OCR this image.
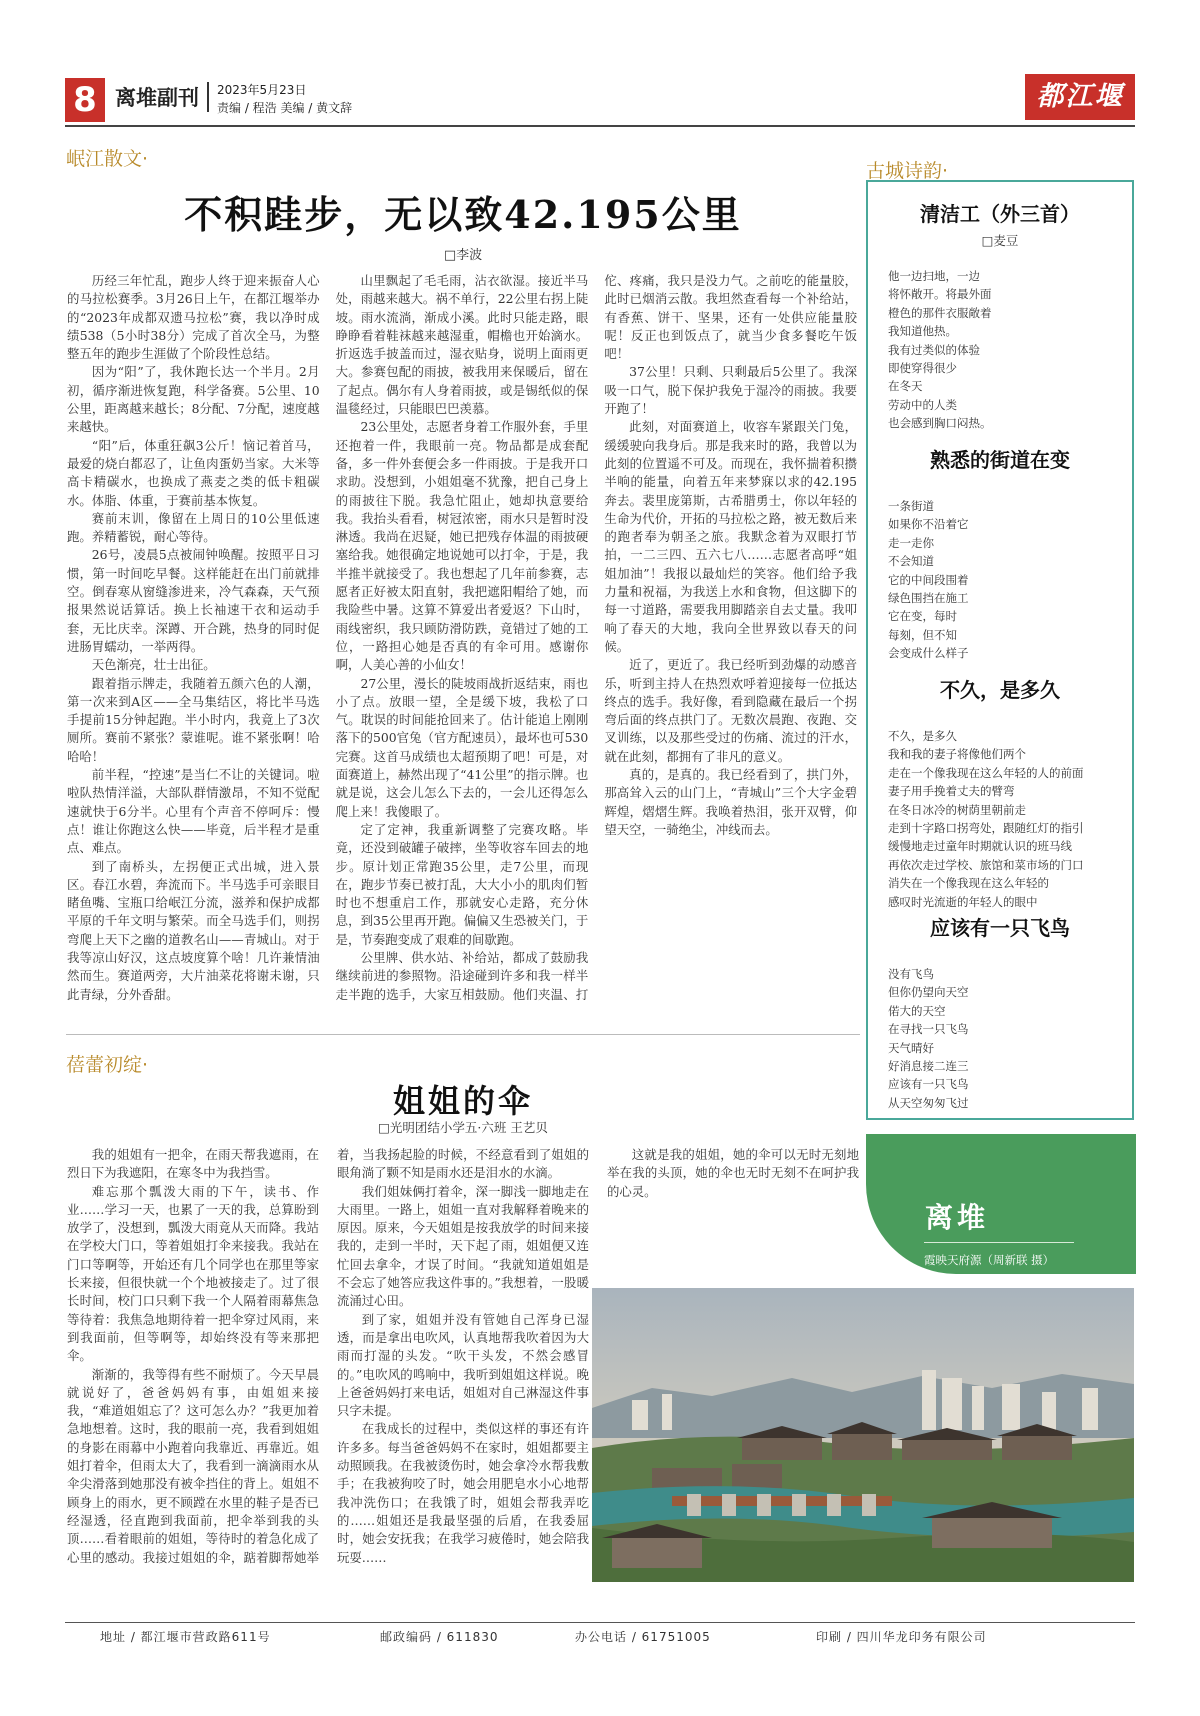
8 离堆副刊 2023年5月23日
责编 / 程浩 美编 / 黄文辞	都江堰报
岷江散文·
不积跬步，无以致42.195公里
□李波

历经三年忙乱，跑步人终于迎来振奋人心的马拉松赛季。3月26日上午，在都江堰举办的“2023年成都双遗马拉松”赛，我以净时成绩538（5小时38分）完成了首次全马，为整整五年的跑步生涯做了个阶段性总结。

因为“阳”了，我休跑长达一个半月。2月初，循序渐进恢复跑，科学备赛。5公里、10公里，距离越来越长；8分配、7分配，速度越来越快。

“阳”后，体重狂飙3公斤！恼记着首马，最爱的烧白都忍了，让鱼肉蛋奶当家。大米等高卡精碳水，也换成了燕麦之类的低卡粗碳水。体脂、体重，于赛前基本恢复。

赛前末训，像留在上周日的10公里低速跑。养精蓄锐，耐心等待。

26号，凌晨5点被闹钟唤醒。按照平日习惯，第一时间吃早餐。这样能赶在出门前就排空。倒春寒从窗缝渗进来，冷气森森，天气预报果然说话算话。换上长袖速干衣和运动手套，无比庆幸。深蹲、开合跳，热身的同时促进肠胃蠕动，一举两得。

天色渐亮，壮士出征。

跟着指示牌走，我随着五颜六色的人潮，第一次来到A区——全马集结区，将比半马选手提前15分钟起跑。半小时内，我竟上了3次厕所。赛前不紧张？蒙谁呢。谁不紧张啊！哈哈哈！

前半程，“控速”是当仁不让的关键词。啦啦队热情洋溢，大部队群情激昂，不知不觉配速就快于6分半。心里有个声音不停呵斥：慢点！谁让你跑这么快——毕竟，后半程才是重点、难点。

到了南桥头，左拐便正式出城，进入景区。春江水碧，奔流而下。半马选手可亲眼目睹鱼嘴、宝瓶口给岷江分流，滋养和保护成都平原的千年文明与繁荣。而全马选手们，则拐弯爬上天下之幽的道教名山——青城山。对于我等凉山好汉，这点坡度算个啥！几许兼情油然而生。赛道两旁，大片油菜花将谢未谢，只此青绿，分外香甜。

山里飘起了毛毛雨，沾衣欲湿。接近半马处，雨越来越大。祸不单行，22公里右拐上陡坡。雨水流淌，渐成小溪。此时只能走路，眼睁睁看着鞋袜越来越湿重，帽檐也开始滴水。折返选手披盖而过，湿衣贴身，说明上面雨更大。参赛包配的雨披，被我用来保暖后，留在了起点。偶尔有人身着雨披，或是锡纸似的保温毯经过，只能眼巴巴羡慕。

23公里处，志愿者身着工作服外套，手里还抱着一件，我眼前一亮。物品都是成套配备，多一件外套便会多一件雨披。于是我开口求助。没想到，小姐姐毫不犹豫，把自己身上的雨披往下脱。我急忙阻止，她却执意要给我。我抬头看看，树冠浓密，雨水只是暂时没淋透。我尚在迟疑，她已把残存体温的雨披硬塞给我。她很确定地说她可以打伞，于是，我半推半就接受了。我也想起了几年前参赛，志愿者正好被太阳直射，我把遮阳帽给了她，而我险些中暑。这算不算爱出者爱返？下山时，雨线密织，我只顾防滑防跌，竟错过了她的工位，一路担心她是否真的有伞可用。感谢你啊，人美心善的小仙女！

27公里，漫长的陡坡雨战折返结束，雨也小了点。放眼一望，全是缓下坡，我松了口气。耽误的时间能抢回来了。估计能追上刚刚落下的500官兔（官方配速员），最坏也可530完赛。这首马成绩也太超预期了吧！可是，对面赛道上，赫然出现了“41公里”的指示牌。也就是说，这会儿怎么下去的，一会儿还得怎么爬上来！我傻眼了。

定了定神，我重新调整了完赛攻略。毕竟，还没到破罐子破摔，坐等收容车回去的地步。原计划正常跑35公里，走7公里，而现在，跑步节奏已被打乱，大大小小的肌肉们暂时也不想重启工作，那就安心走路，充分休息，到35公里再开跑。偏偏又生恐被关门，于是，节奏跑变成了艰难的间歇跑。

公里牌、供水站、补给站，都成了鼓励我继续前进的参照物。沿途碰到许多和我一样半走半跑的选手，大家互相鼓励。他们夹温、打佗、疼痛，我只是没力气。之前吃的能量胶，此时已烟消云散。我坦然查看每一个补给站，有香蕉、饼干、坚果，还有一处供应能量胶呢！反正也到饭点了，就当少食多餐吃午饭吧！

37公里！只剩、只剩最后5公里了。我深吸一口气，脱下保护我免于湿冷的雨披。我要开跑了！

此刻，对面赛道上，收容车紧跟关门兔，缓缓驶向我身后。那是我来时的路，我曾以为此刻的位置遥不可及。而现在，我怀揣着积攒半响的能量，向着五年来梦寐以求的42.195奔去。裴里庞第斯，古希腊勇士，你以年轻的生命为代价，开拓的马拉松之路，被无数后来的跑者奉为朝圣之旅。我默念着为双眼打节拍，一二三四、五六七八……志愿者高呼“姐姐加油”！我报以最灿烂的笑容。他们给予我力量和祝福，为我送上水和食物，但这脚下的每一寸道路，需要我用脚踏亲自去丈量。我叩响了春天的大地，我向全世界致以春天的问候。

近了，更近了。我已经听到劲爆的动感音乐，听到主持人在热烈欢呼着迎接每一位抵达终点的选手。我好像，看到隐藏在最后一个拐弯后面的终点拱门了。无数次晨跑、夜跑、交叉训练，以及那些受过的伤痛、流过的汗水，就在此刻，都拥有了非凡的意义。

真的，是真的。我已经看到了，拱门外，那高耸入云的山门上，“青城山”三个大字金碧辉煌，熠熠生辉。我唤着热泪，张开双臂，仰望天空，一骑绝尘，冲线而去。

蓓蕾初绽·
姐姐的伞
□光明团结小学五·六班 王艺贝

我的姐姐有一把伞，在雨天帮我遮雨，在烈日下为我遮阳，在寒冬中为我挡雪。

难忘那个瓢泼大雨的下午，读书、作业……学习一天，也累了一天的我，总算盼到放学了，没想到，瓢泼大雨竟从天而降。我站在学校大门口，等着姐姐打伞来接我。我站在门口等啊等，开始还有几个同学也在那里等家长来接，但很快就一个个地被接走了。过了很长时间，校门口只剩下我一个人隔着雨幕焦急等待着：我焦急地期待着一把伞穿过风雨，来到我面前，但等啊等，却始终没有等来那把伞。

渐渐的，我等得有些不耐烦了。今天早晨就说好了，爸爸妈妈有事，由姐姐来接我，“难道姐姐忘了？这可怎么办？”我更加着急地想着。这时，我的眼前一亮，我看到姐姐的身影在雨幕中小跑着向我靠近、再靠近。姐姐打着伞，但雨太大了，我看到一滴滴雨水从伞尖滑落到她那没有被伞挡住的背上。姐姐不顾身上的雨水，更不顾蹚在水里的鞋子是否已经湿透，径直跑到我面前，把伞举到我的头顶……看着眼前的姐姐，等待时的着急化成了心里的感动。我接过姐姐的伞，踮着脚帮她举着，当我扬起脸的时候，不经意看到了姐姐的眼角淌了颗不知是雨水还是泪水的水滴。

我们姐妹俩打着伞，深一脚浅一脚地走在大雨里。一路上，姐姐一直对我解释着晚来的原因。原来，今天姐姐是按我放学的时间来接我的，走到一半时，天下起了雨，姐姐便又连忙回去拿伞，才误了时间。“我就知道姐姐是不会忘了她答应我这件事的。”我想着，一股暖流涌过心田。

到了家，姐姐并没有管她自己浑身已湿透，而是拿出电吹风，认真地帮我吹着因为大雨而打湿的头发。“吹干头发，不然会感冒的。”电吹风的鸣响中，我听到姐姐这样说。晚上爸爸妈妈打来电话，姐姐对自己淋湿这件事只字未提。

在我成长的过程中，类似这样的事还有许许多多。每当爸爸妈妈不在家时，姐姐都要主动照顾我。在我被烫伤时，她会拿冷水帮我敷手；在我被狗咬了时，她会用肥皂水小心地帮我冲洗伤口；在我饿了时，姐姐会帮我弄吃的……姐姐还是我最坚强的后盾，在我委屈时，她会安抚我；在我学习疲倦时，她会陪我玩耍……

这就是我的姐姐，她的伞可以无时无刻地举在我的头顶，她的伞也无时无刻不在呵护我的心灵。

古城诗韵·
清洁工（外三首）
□麦豆
他一边扫地，一边
将怀敞开。将最外面
橙色的那件衣服敞着
我知道他热。
我有过类似的体验
即使穿得很少
在冬天
劳动中的人类
也会感到胸口闷热。
熟悉的街道在变
一条街道
如果你不沿着它
走一走你
不会知道
它的中间段围着
绿色围挡在施工
它在变，每时
每刻，但不知
会变成什么样子
不久，是多久
不久，是多久
我和我的妻子将像他们两个
走在一个像我现在这么年轻的人的前面
妻子用手挽着丈夫的臂弯
在冬日冰冷的树荫里朝前走
走到十字路口拐弯处，跟随红灯的指引
缓慢地走过童年时期就认识的班马线
再依次走过学校、旅馆和菜市场的门口
消失在一个像我现在这么年轻的
感叹时光流逝的年轻人的眼中
应该有一只飞鸟
没有飞鸟
但你仍望向天空
偌大的天空
在寻找一只飞鸟
天气晴好
好消息接二连三
应该有一只飞鸟
从天空匆匆飞过
离堆
霞映天府源（周新联 摄）
地址 / 都江堰市营政路611号	邮政编码 / 611830	办公电话 / 61751005	印刷 / 四川华龙印务有限公司
